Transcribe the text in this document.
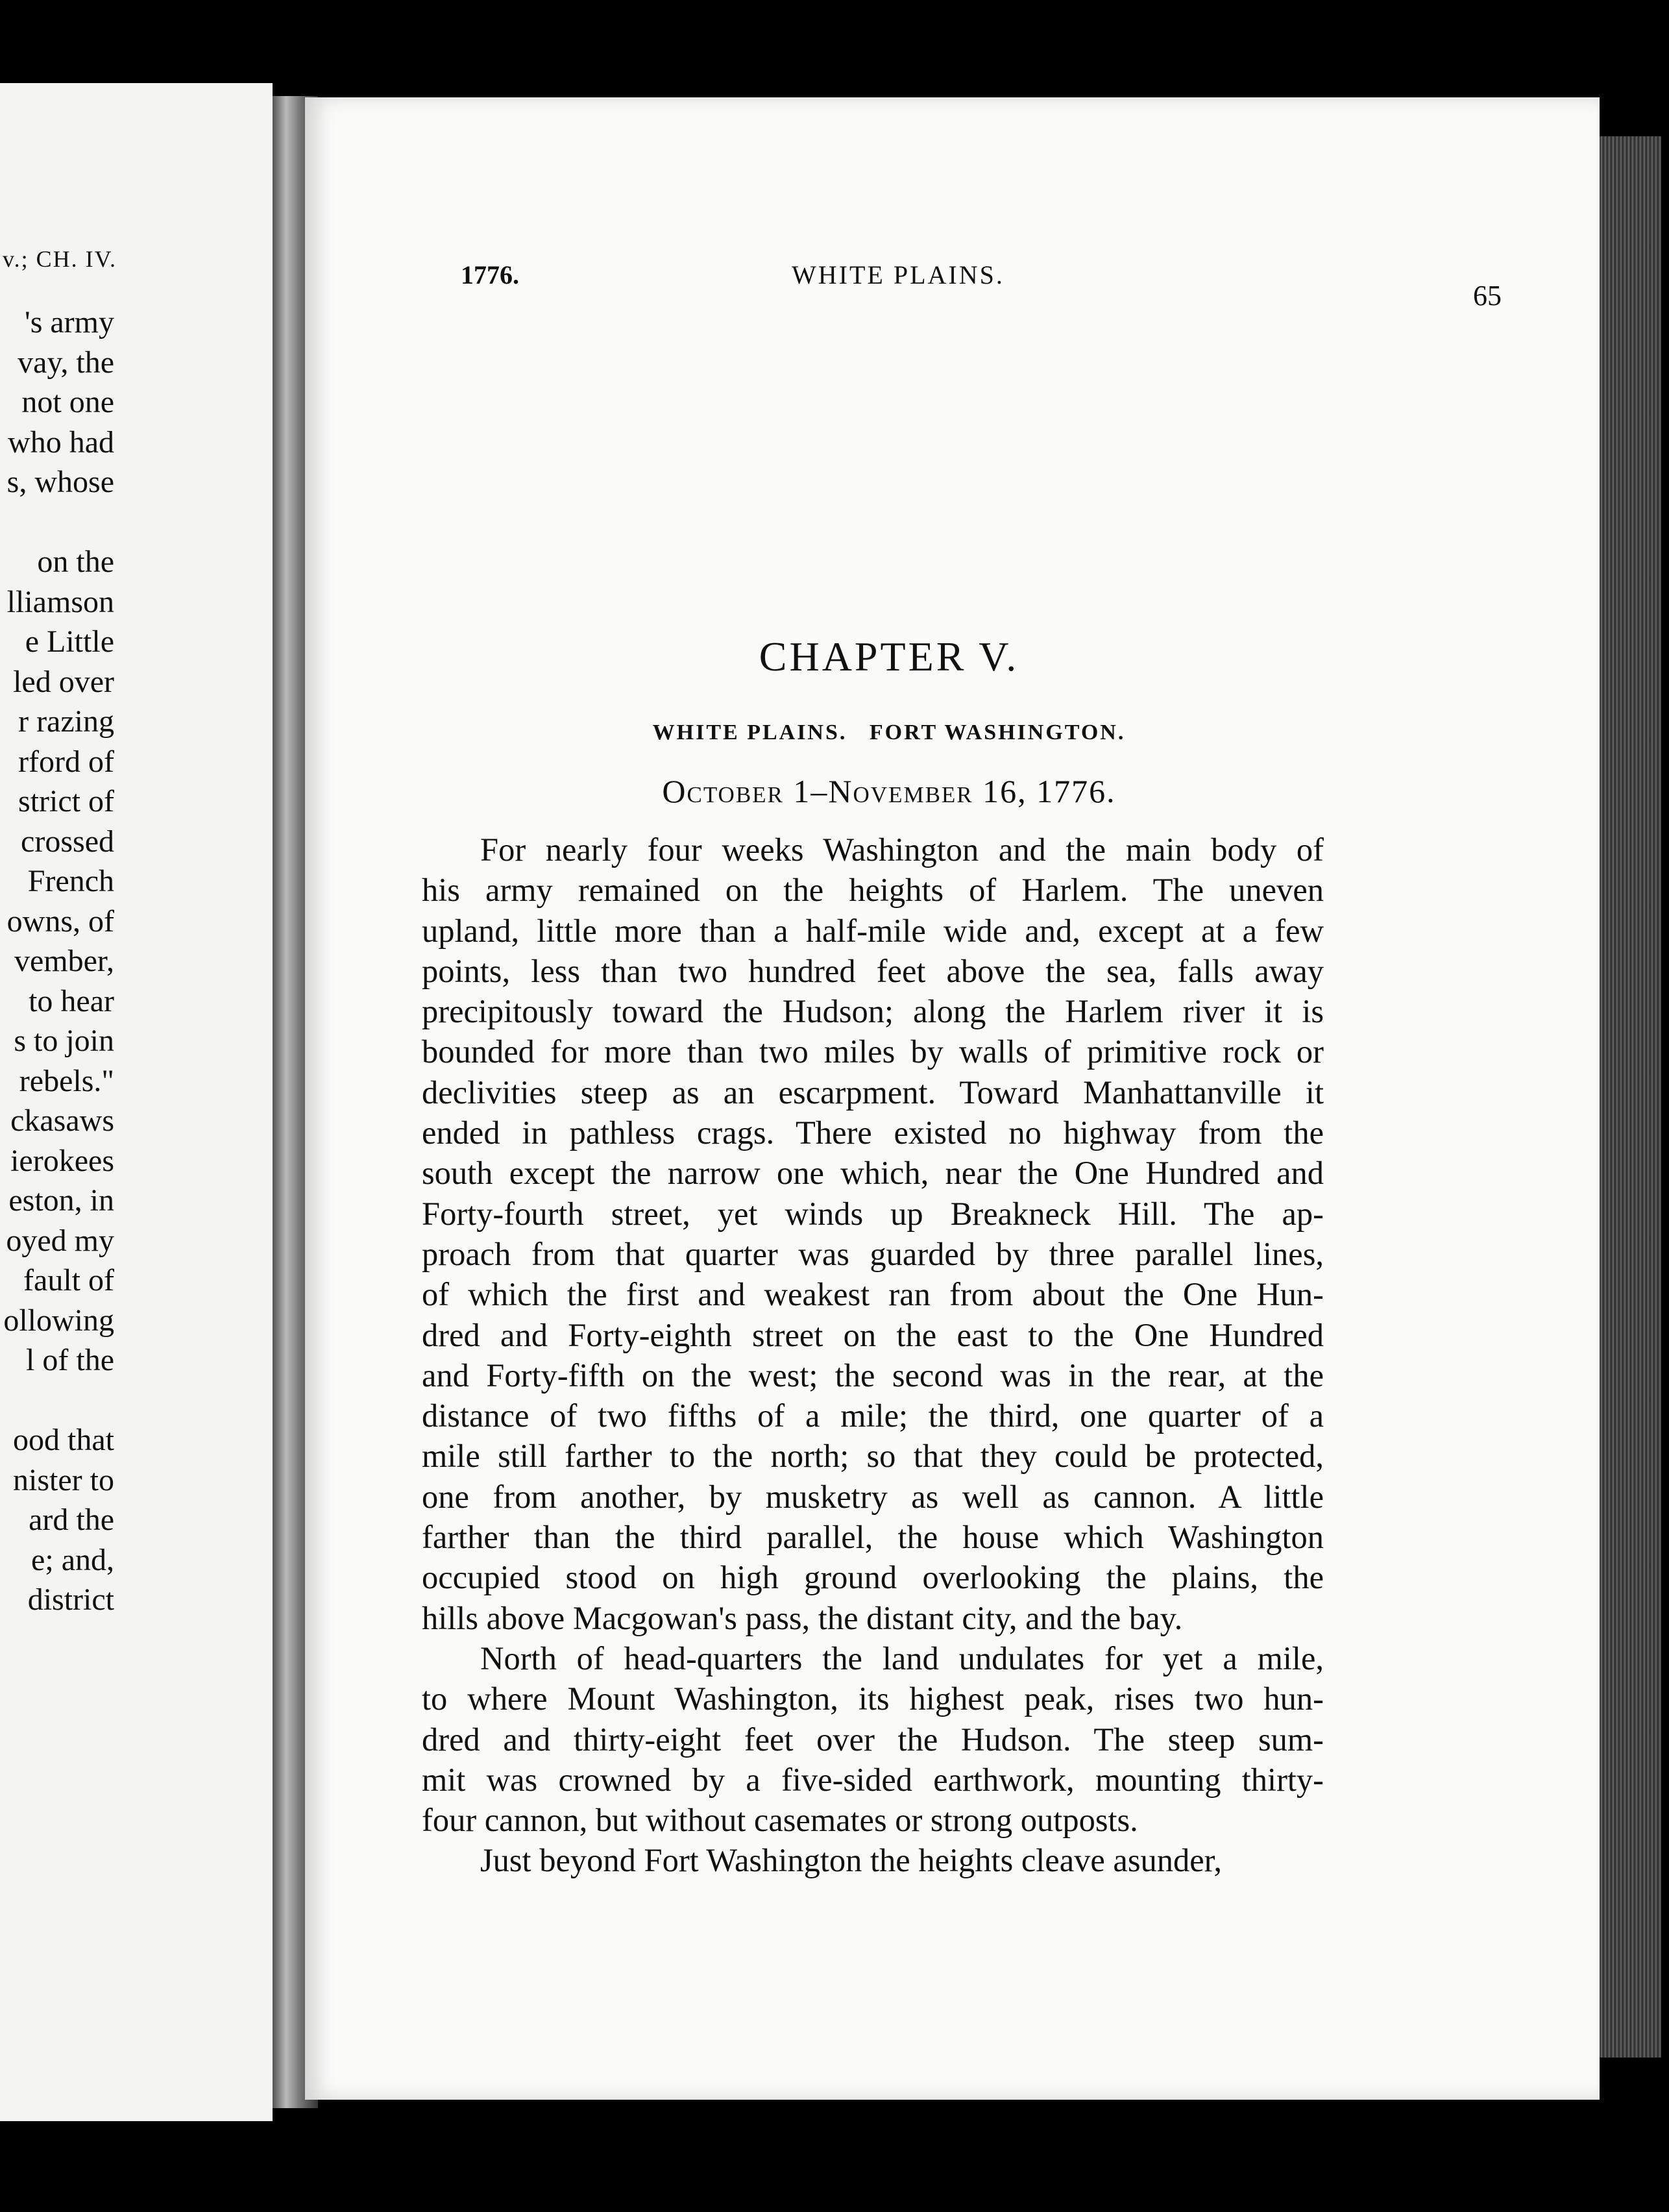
v.; CH. IV.
's army
vay, the
not one
who had
s, whose
on the
lliamson
e Little
led over
r razing
rford of
strict of
crossed
French
owns, of
vember,
to hear
s to join
rebels."
ckasaws
ierokees
eston, in
oyed my
fault of
ollowing
l of the
ood that
nister to
ard the
e; and,
district
1776.	WHITE PLAINS.
65
CHAPTER V.
WHITE PLAINS.   FORT WASHINGTON.
October 1–November 16, 1776.
For nearly four weeks Washington and the main body of
his army remained on the heights of Harlem. The uneven
upland, little more than a half-mile wide and, except at a few
points, less than two hundred feet above the sea, falls away
precipitously toward the Hudson; along the Harlem river it is
bounded for more than two miles by walls of primitive rock or
declivities steep as an escarpment. Toward Manhattanville it
ended in pathless crags. There existed no highway from the
south except the narrow one which, near the One Hundred and
Forty-fourth street, yet winds up Breakneck Hill. The ap-
proach from that quarter was guarded by three parallel lines,
of which the first and weakest ran from about the One Hun-
dred and Forty-eighth street on the east to the One Hundred
and Forty-fifth on the west; the second was in the rear, at the
distance of two fifths of a mile; the third, one quarter of a
mile still farther to the north; so that they could be protected,
one from another, by musketry as well as cannon. A little
farther than the third parallel, the house which Washington
occupied stood on high ground overlooking the plains, the
hills above Macgowan's pass, the distant city, and the bay.
North of head-quarters the land undulates for yet a mile,
to where Mount Washington, its highest peak, rises two hun-
dred and thirty-eight feet over the Hudson. The steep sum-
mit was crowned by a five-sided earthwork, mounting thirty-
four cannon, but without casemates or strong outposts.
Just beyond Fort Washington the heights cleave asunder,
